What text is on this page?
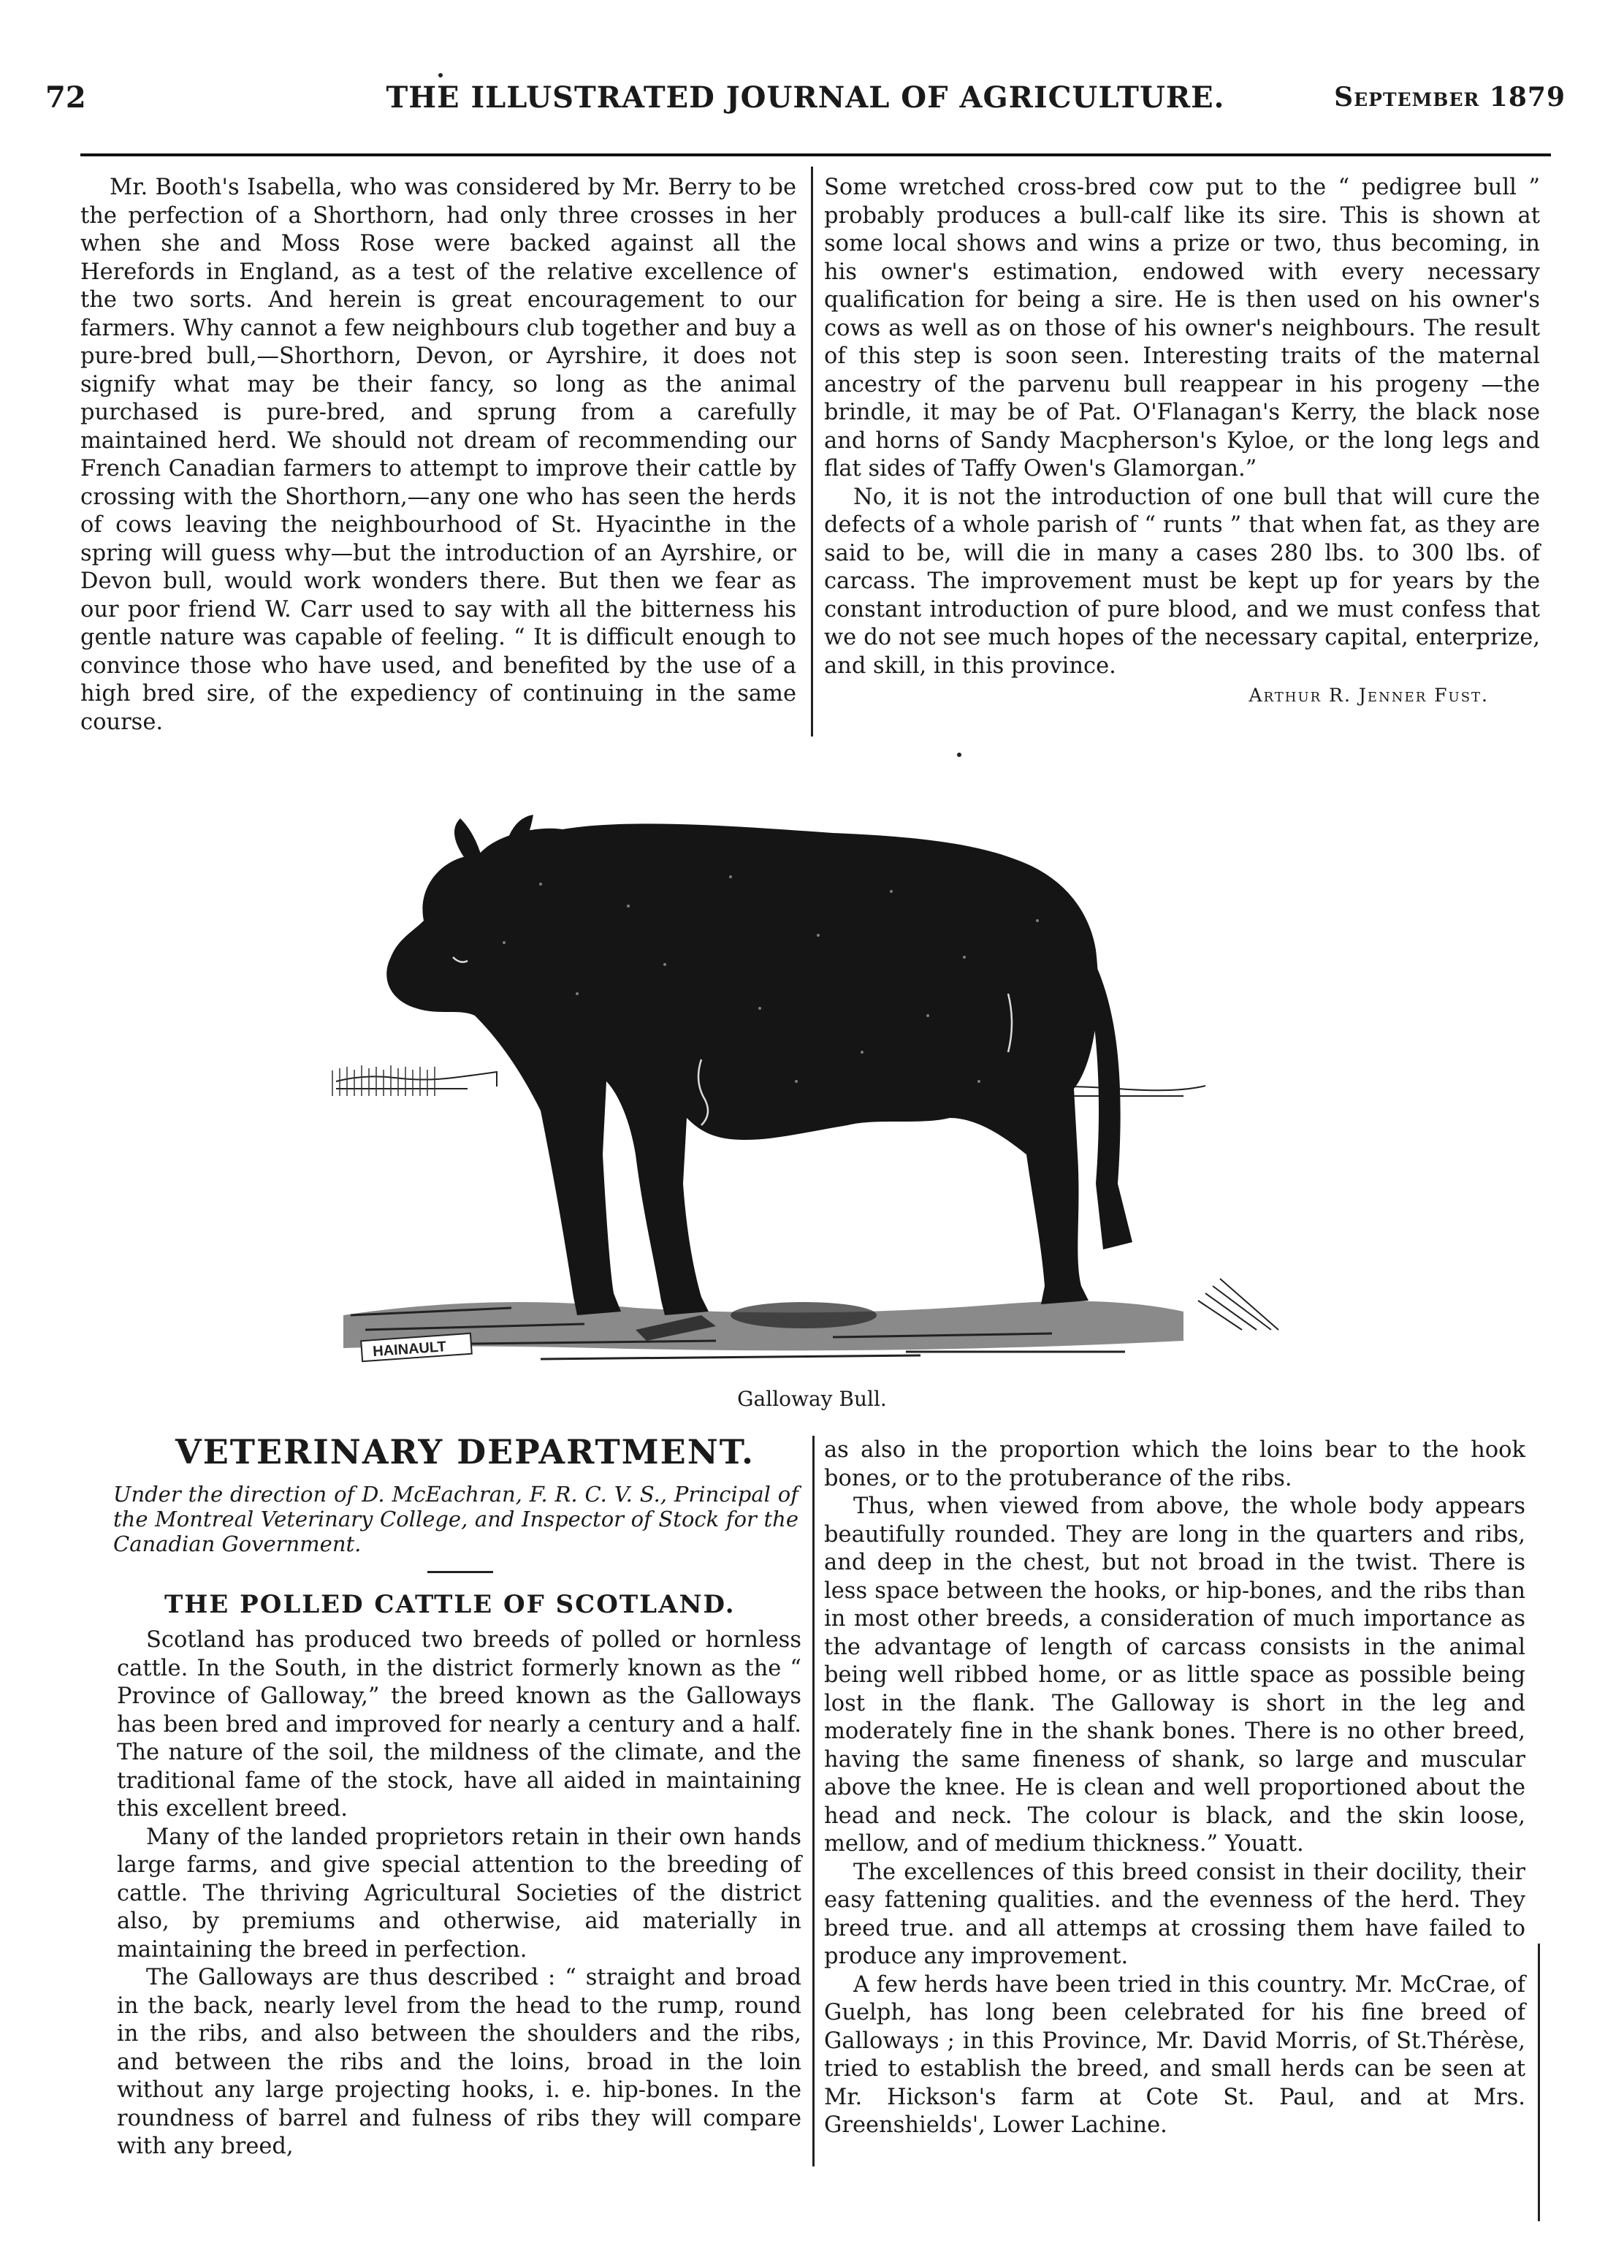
72	THE ILLUSTRATED JOURNAL OF AGRICULTURE.	September 1879

Mr. Booth's Isabella, who was considered by Mr. Berry to be the perfection of a Shorthorn, had only three crosses in her when she and Moss Rose were backed against all the Herefords in England, as a test of the relative excellence of the two sorts. And herein is great encouragement to our farmers. Why cannot a few neighbours club together and buy a pure-bred bull,—Shorthorn, Devon, or Ayrshire, it does not signify what may be their fancy, so long as the animal purchased is pure-bred, and sprung from a carefully maintained herd. We should not dream of recommending our French Canadian farmers to attempt to improve their cattle by crossing with the Shorthorn,—any one who has seen the herds of cows leaving the neighbourhood of St. Hyacinthe in the spring will guess why—but the introduction of an Ayrshire, or Devon bull, would work wonders there. But then we fear as our poor friend W. Carr used to say with all the bitterness his gentle nature was capable of feeling. “ It is difficult enough to convince those who have used, and benefited by the use of a high bred sire, of the expediency of continuing in the same course.

Some wretched cross-bred cow put to the “ pedigree bull ” probably produces a bull-calf like its sire. This is shown at some local shows and wins a prize or two, thus becoming, in his owner's estimation, endowed with every necessary qualification for being a sire. He is then used on his owner's cows as well as on those of his owner's neighbours. The result of this step is soon seen. Interesting traits of the maternal ancestry of the parvenu bull reappear in his progeny —the brindle, it may be of Pat. O'Flanagan's Kerry, the black nose and horns of Sandy Macpherson's Kyloe, or the long legs and flat sides of Taffy Owen's Glamorgan.”

No, it is not the introduction of one bull that will cure the defects of a whole parish of “ runts ” that when fat, as they are said to be, will die in many a cases 280 lbs. to 300 lbs. of carcass. The improvement must be kept up for years by the constant introduction of pure blood, and we must confess that we do not see much hopes of the necessary capital, enterprize, and skill, in this province.

Arthur R. Jenner Fust.
HAINAULT
Galloway Bull.
VETERINARY DEPARTMENT.
Under the direction of D. McEachran, F. R. C. V. S., Principal of the Montreal Veterinary College, and Inspector of Stock for the Canadian Government.
THE POLLED CATTLE OF SCOTLAND.

Scotland has produced two breeds of polled or hornless cattle. In the South, in the district formerly known as the “ Province of Galloway,” the breed known as the Galloways has been bred and improved for nearly a century and a half. The nature of the soil, the mildness of the climate, and the traditional fame of the stock, have all aided in maintaining this excellent breed.

Many of the landed proprietors retain in their own hands large farms, and give special attention to the breeding of cattle. The thriving Agricultural Societies of the district also, by premiums and otherwise, aid materially in maintaining the breed in perfection.

The Galloways are thus described : “ straight and broad in the back, nearly level from the head to the rump, round in the ribs, and also between the shoulders and the ribs, and between the ribs and the loins, broad in the loin without any large projecting hooks, i. e. hip-bones. In the roundness of barrel and fulness of ribs they will compare with any breed,

as also in the proportion which the loins bear to the hook bones, or to the protuberance of the ribs.

Thus, when viewed from above, the whole body appears beautifully rounded. They are long in the quarters and ribs, and deep in the chest, but not broad in the twist. There is less space between the hooks, or hip-bones, and the ribs than in most other breeds, a consideration of much importance as the advantage of length of carcass consists in the animal being well ribbed home, or as little space as possible being lost in the flank. The Galloway is short in the leg and moderately fine in the shank bones. There is no other breed, having the same fineness of shank, so large and muscular above the knee. He is clean and well proportioned about the head and neck. The colour is black, and the skin loose, mellow, and of medium thickness.” Youatt.

The excellences of this breed consist in their docility, their easy fattening qualities. and the evenness of the herd. They breed true. and all attemps at crossing them have failed to produce any improvement.

A few herds have been tried in this country. Mr. McCrae, of Guelph, has long been celebrated for his fine breed of Galloways ; in this Province, Mr. David Morris, of St.Thérèse, tried to establish the breed, and small herds can be seen at Mr. Hickson's farm at Cote St. Paul, and at Mrs. Greenshields', Lower Lachine.
